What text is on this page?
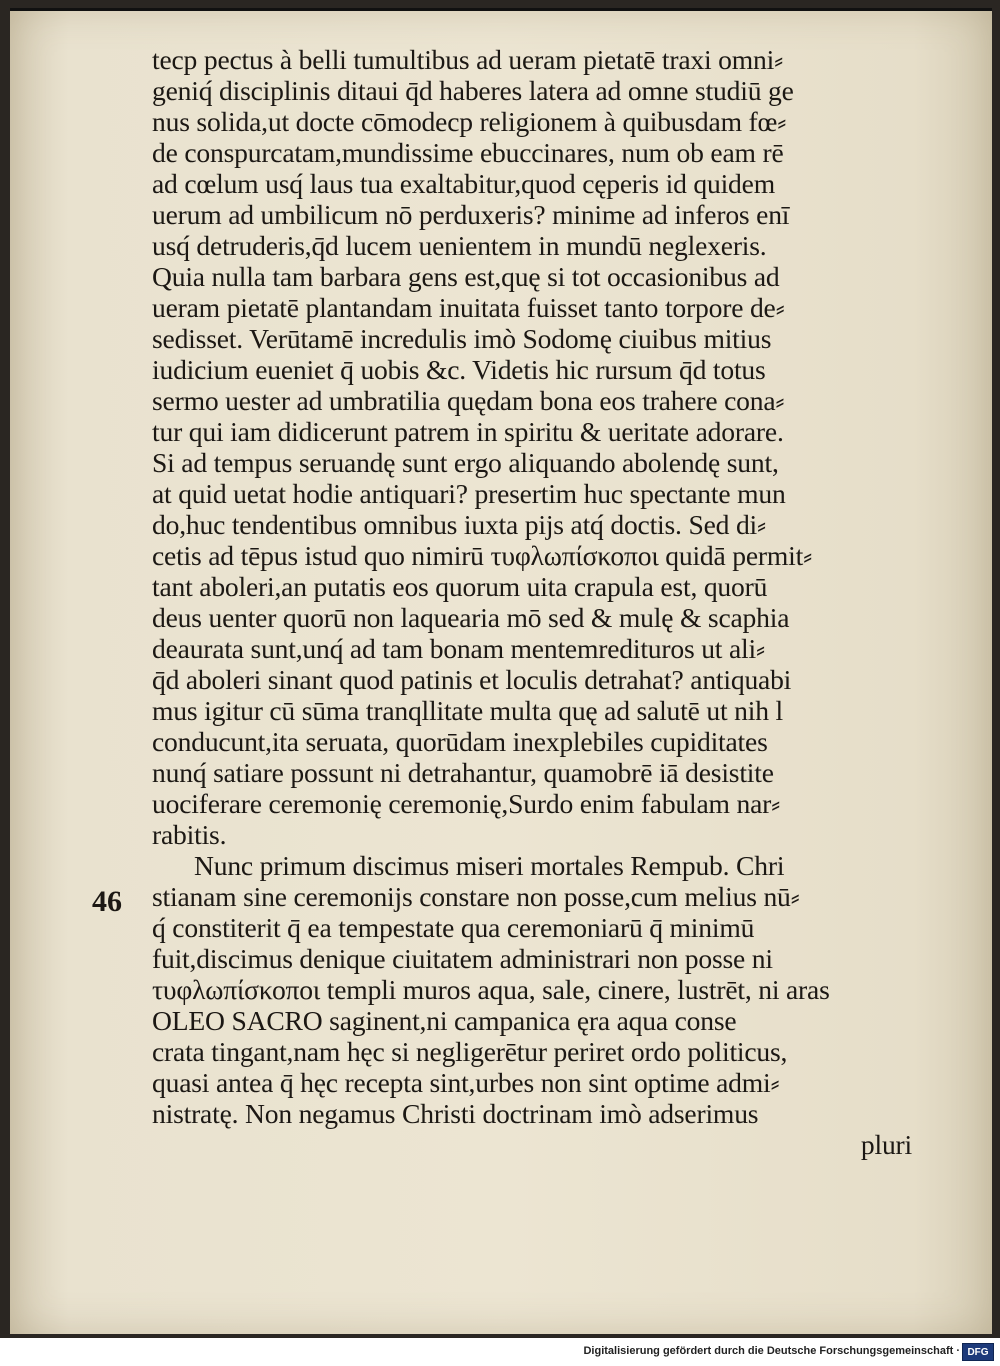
tecp pectus à belli tumultibus ad ueram pietatē traxi omni⸗
geniq́ disciplinis ditaui q̄d haberes latera ad omne studiū ge
nus solida,ut docte cōmodecp religionem à quibusdam fœ⸗
de conspurcatam,mundissime ebuccinares, num ob eam rē
ad cœlum usq́ laus tua exaltabitur,quod cęperis id quidem
uerum ad umbilicum nō perduxeris? minime ad inferos enī
usq́ detruderis,q̄d lucem uenientem in mundū neglexeris.
Quia nulla tam barbara gens est,quę si tot occasionibus ad
ueram pietatē plantandam inuitata fuisset tanto torpore de⸗
sedisset. Verūtamē incredulis imò Sodomę ciuibus mitius
iudicium eueniet q̄ uobis &c. Videtis hic rursum q̄d totus
sermo uester ad umbratilia quędam bona eos trahere cona⸗
tur qui iam didicerunt patrem in spiritu & ueritate adorare.
Si ad tempus seruandę sunt ergo aliquando abolendę sunt,
at quid uetat hodie antiquari? presertim huc spectante mun
do,huc tendentibus omnibus iuxta pijs atq́ doctis. Sed di⸗
cetis ad tēpus istud quo nimirū τυφλωπίσκοποι quidā permit⸗
tant aboleri,an putatis eos quorum uita crapula est, quorū
deus uenter quorū non laquearia mō sed & mulę & scaphia
deaurata sunt,unq́ ad tam bonam mentemredituros ut ali⸗
q̄d aboleri sinant quod patinis et loculis detrahat? antiquabi
mus igitur cū sūma tranqllitate multa quę ad salutē ut nih l
conducunt,ita seruata, quorūdam inexplebiles cupiditates
nunq́ satiare possunt ni detrahantur, quamobrē iā desistite
uociferare ceremonię ceremonię,Surdo enim fabulam nar⸗
rabitis.
Nunc primum discimus miseri mortales Rempub. Chri
stianam sine ceremonijs constare non posse,cum melius nū⸗
q́ constiterit q̄ ea tempestate qua ceremoniarū q̄ minimū
fuit,discimus denique ciuitatem administrari non posse ni
τυφλωπίσκοποι templi muros aqua, sale, cinere, lustrēt, ni aras
OLEO SACRO saginent,ni campanica ęra aqua conse
crata tingant,nam hęc si negligerētur periret ordo politicus,
quasi antea q̄ hęc recepta sint,urbes non sint optime admi⸗
nistratę. Non negamus Christi doctrinam imò adserimus
pluri
46
Digitalisierung gefördert durch die Deutsche Forschungsgemeinschaft · DFG
